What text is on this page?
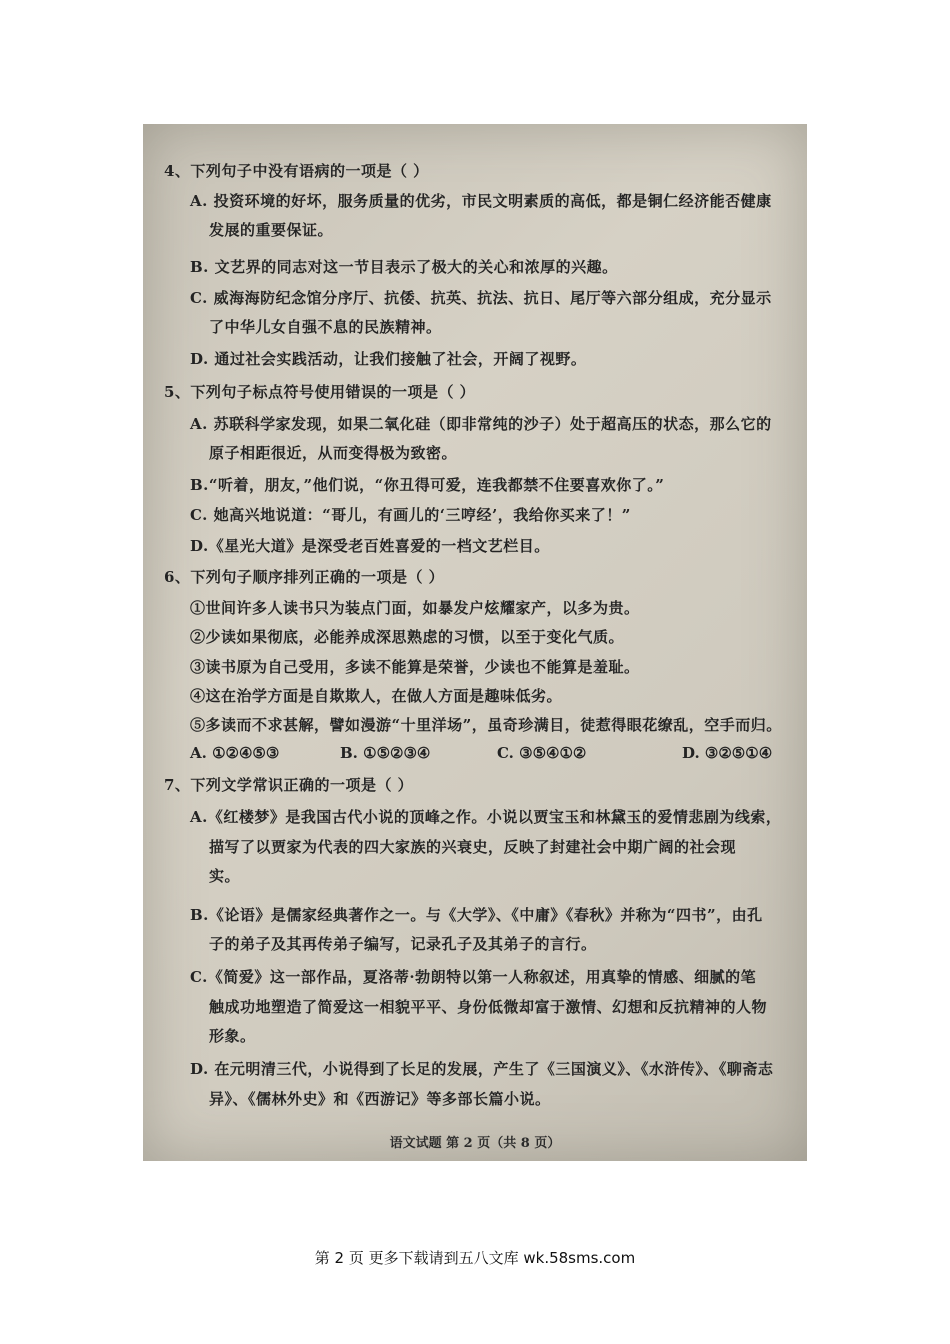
4、下列句子中没有语病的一项是（ ）
A. 投资环境的好坏，服务质量的优劣，市民文明素质的高低，都是铜仁经济能否健康
发展的重要保证。
B. 文艺界的同志对这一节目表示了极大的关心和浓厚的兴趣。
C. 威海海防纪念馆分序厅、抗倭、抗英、抗法、抗日、尾厅等六部分组成，充分显示
了中华儿女自强不息的民族精神。
D. 通过社会实践活动，让我们接触了社会，开阔了视野。
5、下列句子标点符号使用错误的一项是（ ）
A. 苏联科学家发现，如果二氧化硅（即非常纯的沙子）处于超高压的状态，那么它的
原子相距很近，从而变得极为致密。
B.“听着，朋友，”他们说，“你丑得可爱，连我都禁不住要喜欢你了。”
C. 她高兴地说道：“哥儿，有画儿的‘三哼经’，我给你买来了！”
D.《星光大道》是深受老百姓喜爱的一档文艺栏目。
6、下列句子顺序排列正确的一项是（ ）
①世间许多人读书只为装点门面，如暴发户炫耀家产，以多为贵。
②少读如果彻底，必能养成深思熟虑的习惯，以至于变化气质。
③读书原为自己受用，多读不能算是荣誉，少读也不能算是羞耻。
④这在治学方面是自欺欺人，在做人方面是趣味低劣。
⑤多读而不求甚解，譬如漫游“十里洋场”，虽奇珍满目，徒惹得眼花缭乱，空手而归。
A. ①②④⑤③	B. ①⑤②③④	C. ③⑤④①②	D. ③②⑤①④
7、下列文学常识正确的一项是（ ）
A.《红楼梦》是我国古代小说的顶峰之作。小说以贾宝玉和林黛玉的爱情悲剧为线索，
描写了以贾家为代表的四大家族的兴衰史，反映了封建社会中期广阔的社会现
实。
B.《论语》是儒家经典著作之一。与《大学》、《中庸》《春秋》并称为“四书”，由孔
子的弟子及其再传弟子编写，记录孔子及其弟子的言行。
C.《简爱》这一部作品，夏洛蒂·勃朗特以第一人称叙述，用真挚的情感、细腻的笔
触成功地塑造了简爱这一相貌平平、身份低微却富于激情、幻想和反抗精神的人物
形象。
D. 在元明清三代，小说得到了长足的发展，产生了《三国演义》、《水浒传》、《聊斋志
异》、《儒林外史》和《西游记》等多部长篇小说。
语文试题 第 2 页（共 8 页）
第 2 页 更多下载请到五八文库 wk.58sms.com
